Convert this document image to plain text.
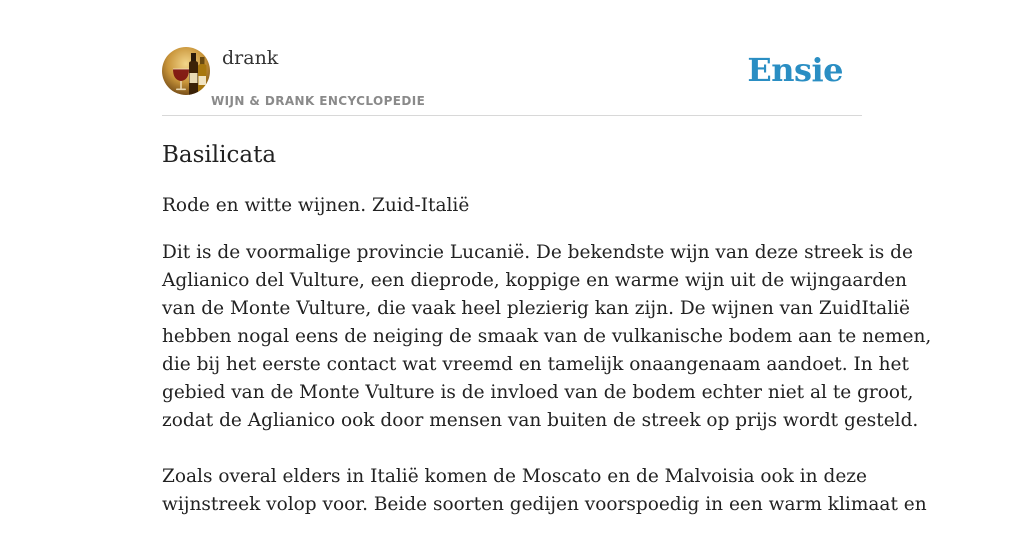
drank
WIJN & DRANK ENCYCLOPEDIE
Ensie
Basilicata
Rode en witte wijnen. Zuid-Italië

Dit is de voormalige provincie Lucanië. De bekendste wijn van deze streek is de
Aglianico del Vulture, een dieprode, koppige en warme wijn uit de wijngaarden
van de Monte Vulture, die vaak heel plezierig kan zijn. De wijnen van ZuidItalië
hebben nogal eens de neiging de smaak van de vulkanische bodem aan te nemen,
die bij het eerste contact wat vreemd en tamelijk onaangenaam aandoet. In het
gebied van de Monte Vulture is de invloed van de bodem echter niet al te groot,
zodat de Aglianico ook door mensen van buiten de streek op prijs wordt gesteld.

Zoals overal elders in Italië komen de Moscato en de Malvoisia ook in deze
wijnstreek volop voor. Beide soorten gedijen voorspoedig in een warm klimaat en
